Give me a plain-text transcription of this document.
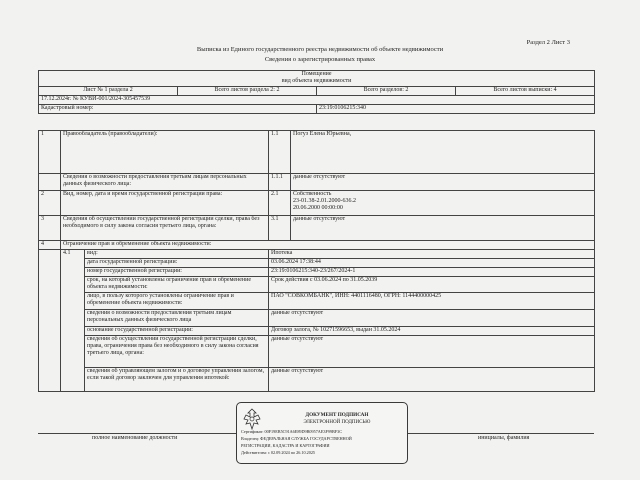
Раздел 2 Лист 3
Выписка из Единого государственного реестра недвижимости об объекте недвижимости
Сведения о зарегистрированных правах
Помещение
вид объекта недвижимости			

Лист № 1 раздела 2	Всего листов раздела 2: 2	Всего разделов: 2	Всего листов выписки: 4
17.12.2024г. № КУВИ-001/2024-305457539			
Кадастровый номер:		23:19:0106215:340	
1	Правообладатель (правообладатели):		1.1	Погуз Елена Юрьевна,
	Сведения о возможности предоставления третьим лицам персональных данных физического лица:		1.1.1	данные отсутствуют
2	Вид, номер, дата и время государственной регистрации права:		2.1	Собственность
23-01.38-2.01.2000-636.2
20.06.2000 00:00:00

3	Сведения об осуществлении государственной регистрации сделки, права без необходимого в силу закона согласия третьего лица, органа:		3.1	данные отсутствуют
4	Ограничение прав и обременение объекта недвижимости:			
	4.1	вид:	Ипотека	
		дата государственной регистрации:	03.06.2024 17:38:44	
		номер государственной регистрации:	23:19:0106215:340-23/267/2024-1	
		срок, на который установлены ограничение прав и обременение объекта недвижимости:	Срок действия с 03.06.2024 по 31.05.2039	
		лицо, в пользу которого установлены ограничение прав и обременение объекта недвижимости:	ПАО "СОВКОМБАНК", ИНН: 4401116480, ОГРН: 1144400000425	
		сведения о возможности предоставления третьим лицам персональных данных физического лица	данные отсутствуют	
		основание государственной регистрации:	Договор залога, № 10271596653, выдан 31.05.2024	
		сведения об осуществлении государственной регистрации сделки, права, ограничения права без необходимого в силу закона согласия третьего лица, органа:	данные отсутствуют	
		сведения об управляющем залогом и о договоре управления залогом, если такой договор заключен для управления ипотекой:	данные отсутствуют	
полное наименование должности	инициалы, фамилия
ДОКУМЕНТ ПОДПИСАН
ЭЛЕКТРОННОЙ ПОДПИСЬЮ
Сертификат: 00F19EB5C91A6E89D9B0957AE3F99BF3C
Владелец: ФЕДЕРАЛЬНАЯ СЛУЖБА ГОСУДАРСТВЕННОЙ
РЕГИСТРАЦИИ, КАДАСТРА И КАРТОГРАФИИ
Действителен: с 02.09.2024 по 26.10.2025
